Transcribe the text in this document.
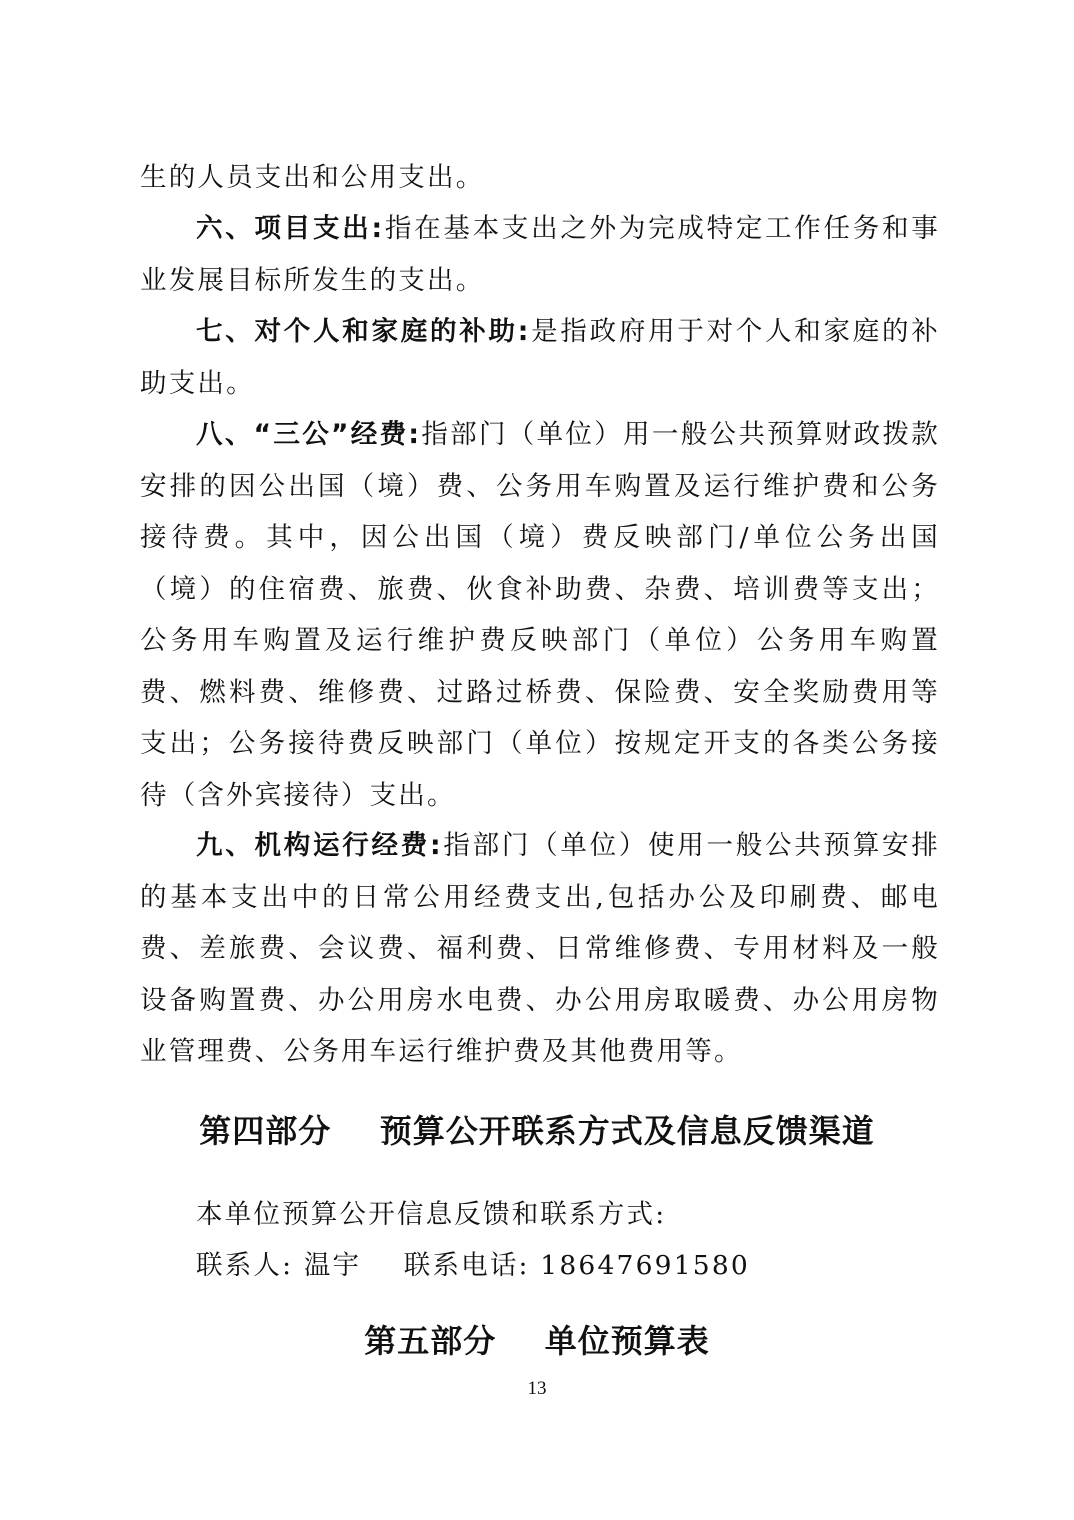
生的人员支出和公用支出。

六、项目支出:指在基本支出之外为完成特定工作任务和事业发展目标所发生的支出。

七、对个人和家庭的补助:是指政府用于对个人和家庭的补助支出。

八、“三公”经费:指部门（单位）用一般公共预算财政拨款安排的因公出国（境）费、公务用车购置及运行维护费和公务接待费。其中，因公出国（境）费反映部门/单位公务出国（境）的住宿费、旅费、伙食补助费、杂费、培训费等支出；公务用车购置及运行维护费反映部门（单位）公务用车购置费、燃料费、维修费、过路过桥费、保险费、安全奖励费用等支出；公务接待费反映部门（单位）按规定开支的各类公务接待（含外宾接待）支出。

九、机构运行经费:指部门（单位）使用一般公共预算安排的基本支出中的日常公用经费支出,包括办公及印刷费、邮电费、差旅费、会议费、福利费、日常维修费、专用材料及一般设备购置费、办公用房水电费、办公用房取暖费、办公用房物业管理费、公务用车运行维护费及其他费用等。

第四部分    预算公开联系方式及信息反馈渠道

本单位预算公开信息反馈和联系方式:

联系人: 温宇    联系电话: 18647691580

第五部分    单位预算表
13
